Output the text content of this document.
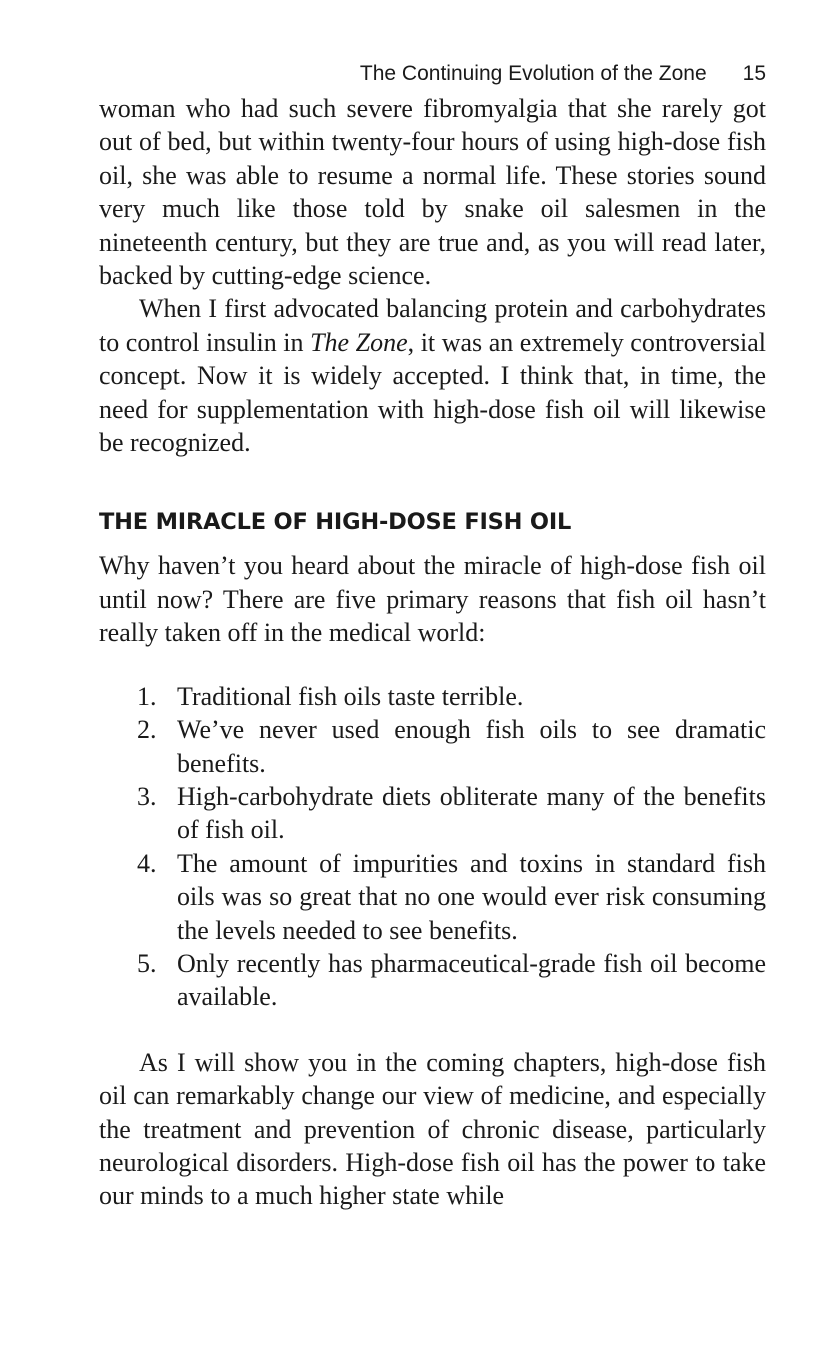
The Continuing Evolution of the Zone 15

woman who had such severe fibromyalgia that she rarely got out of bed, but within twenty-four hours of using high-dose fish oil, she was able to resume a normal life. These stories sound very much like those told by snake oil salesmen in the nineteenth century, but they are true and, as you will read later, backed by cutting-edge science.

When I first advocated balancing protein and carbohydrates to control insulin in The Zone, it was an extremely controversial concept. Now it is widely accepted. I think that, in time, the need for supplementation with high-dose fish oil will likewise be recognized.

THE MIRACLE OF HIGH-DOSE FISH OIL

Why haven’t you heard about the miracle of high-dose fish oil until now? There are five primary reasons that fish oil hasn’t really taken off in the medical world:

1. Traditional fish oils taste terrible.
2. We’ve never used enough fish oils to see dramatic benefits.
3. High-carbohydrate diets obliterate many of the benefits of fish oil.
4. The amount of impurities and toxins in standard fish oils was so great that no one would ever risk consuming the levels needed to see benefits.
5. Only recently has pharmaceutical-grade fish oil become available.

As I will show you in the coming chapters, high-dose fish oil can remarkably change our view of medicine, and especially the treatment and prevention of chronic disease, particularly neurological disorders. High-dose fish oil has the power to take our minds to a much higher state while
